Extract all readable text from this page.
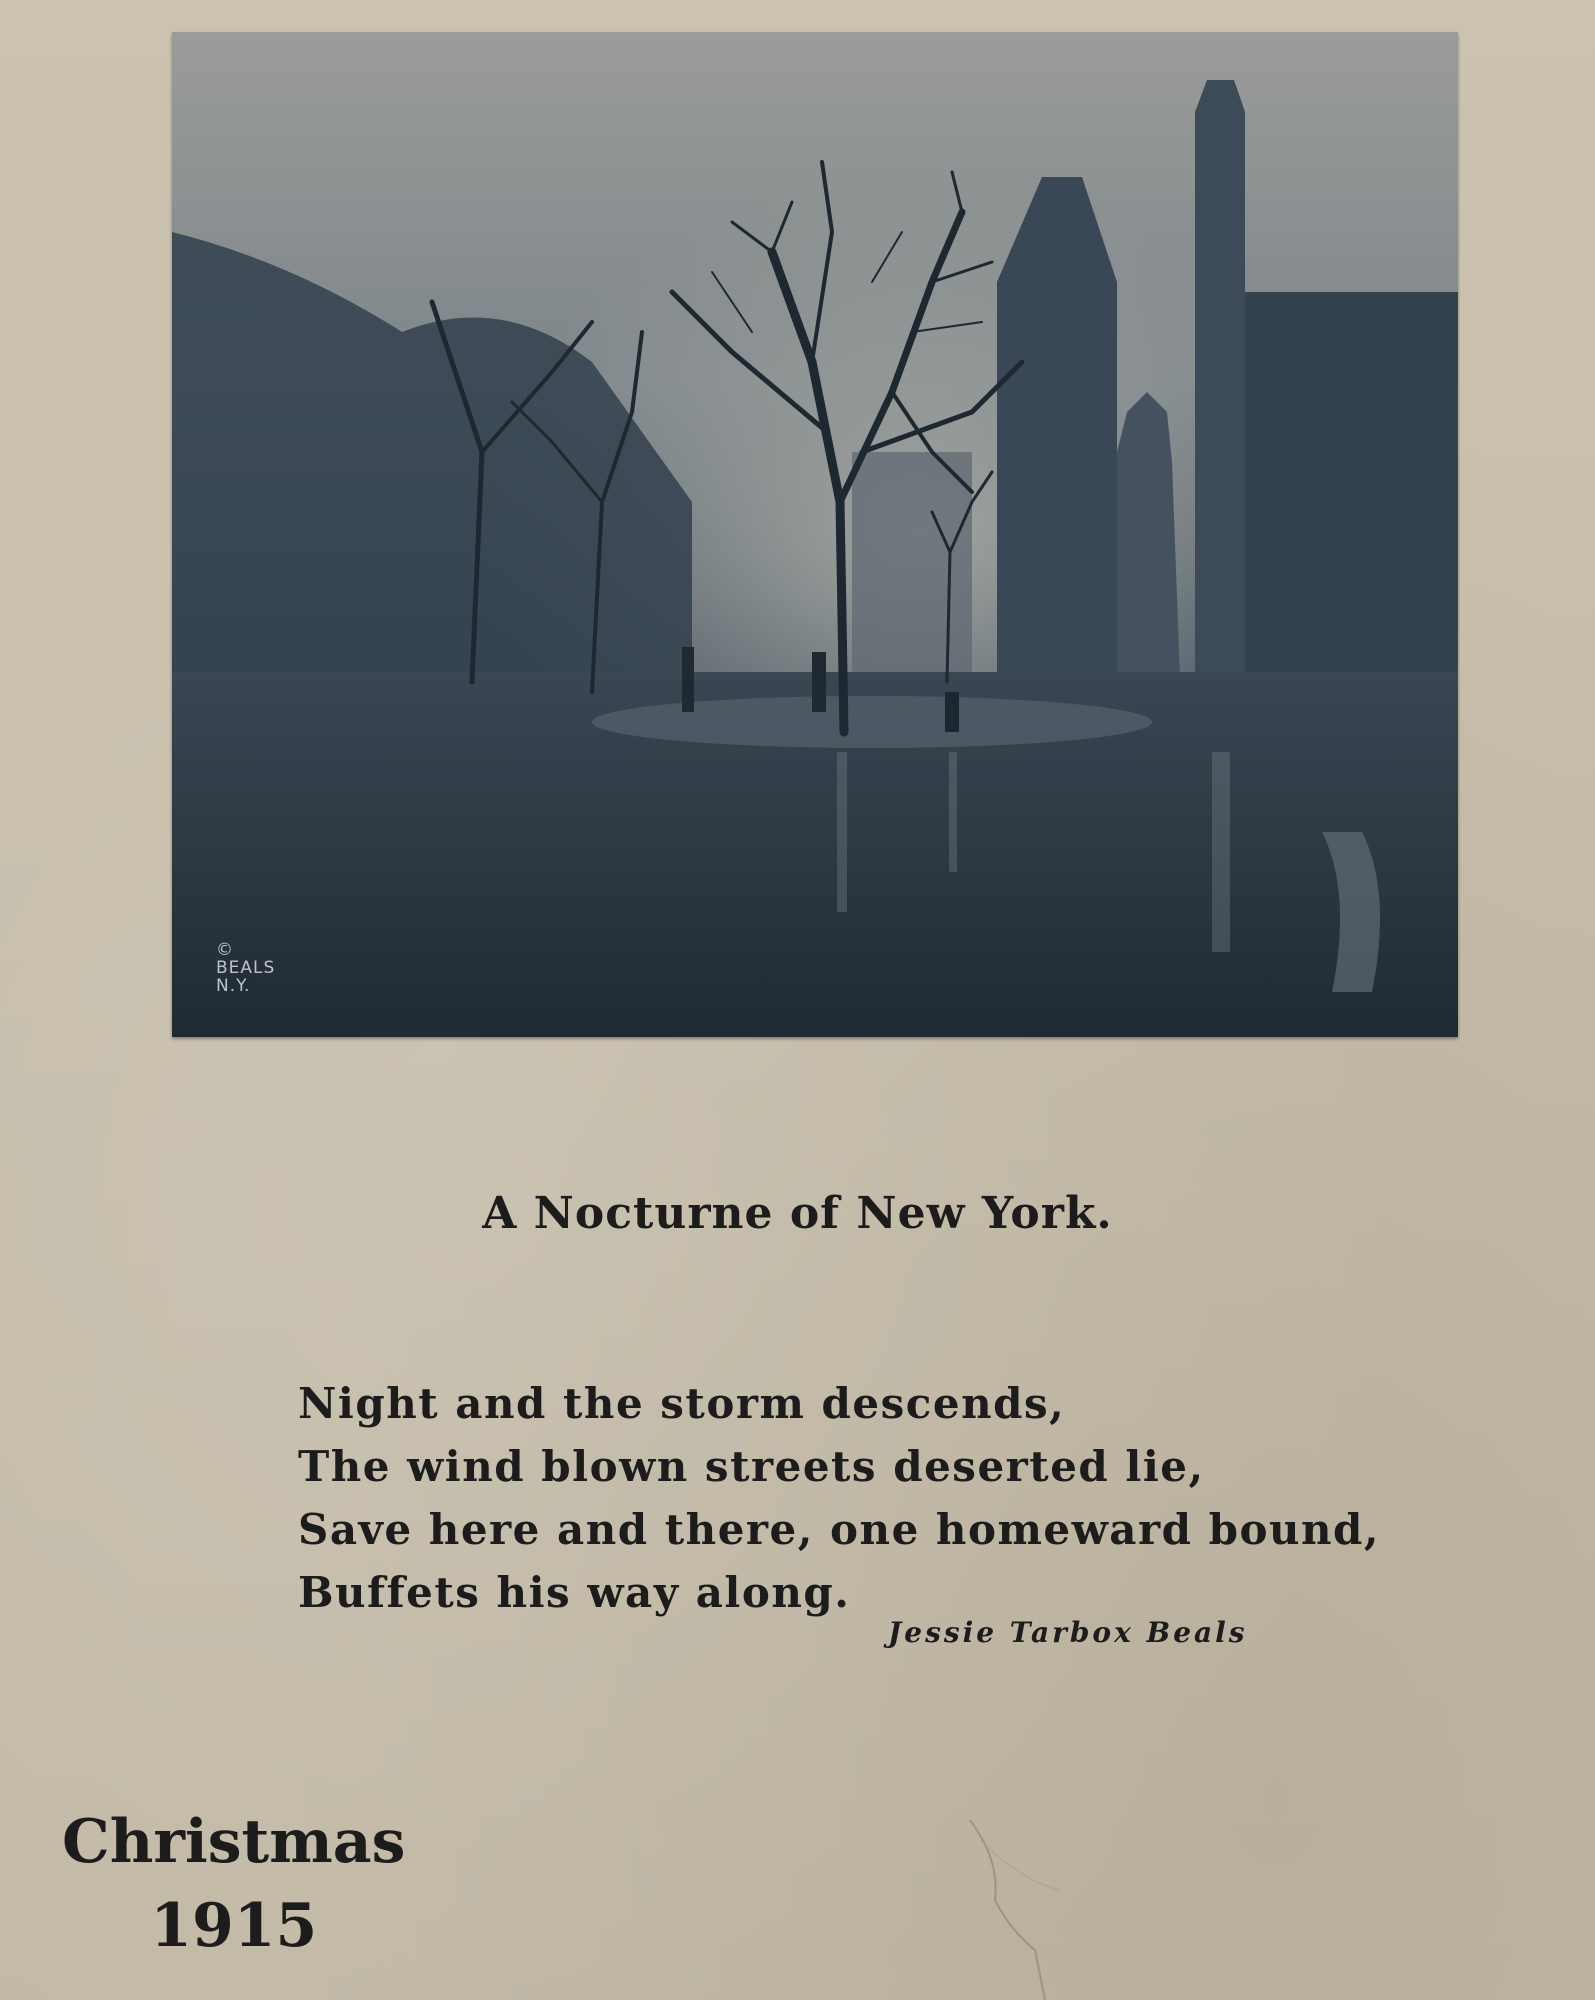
©
BEALS
N.Y.
A Nocturne of New York.
Night and the storm descends,
The wind blown streets deserted lie,
Save here and there, one homeward bound,
Buffets his way along.
Jessie Tarbox Beals
Christmas
1915
